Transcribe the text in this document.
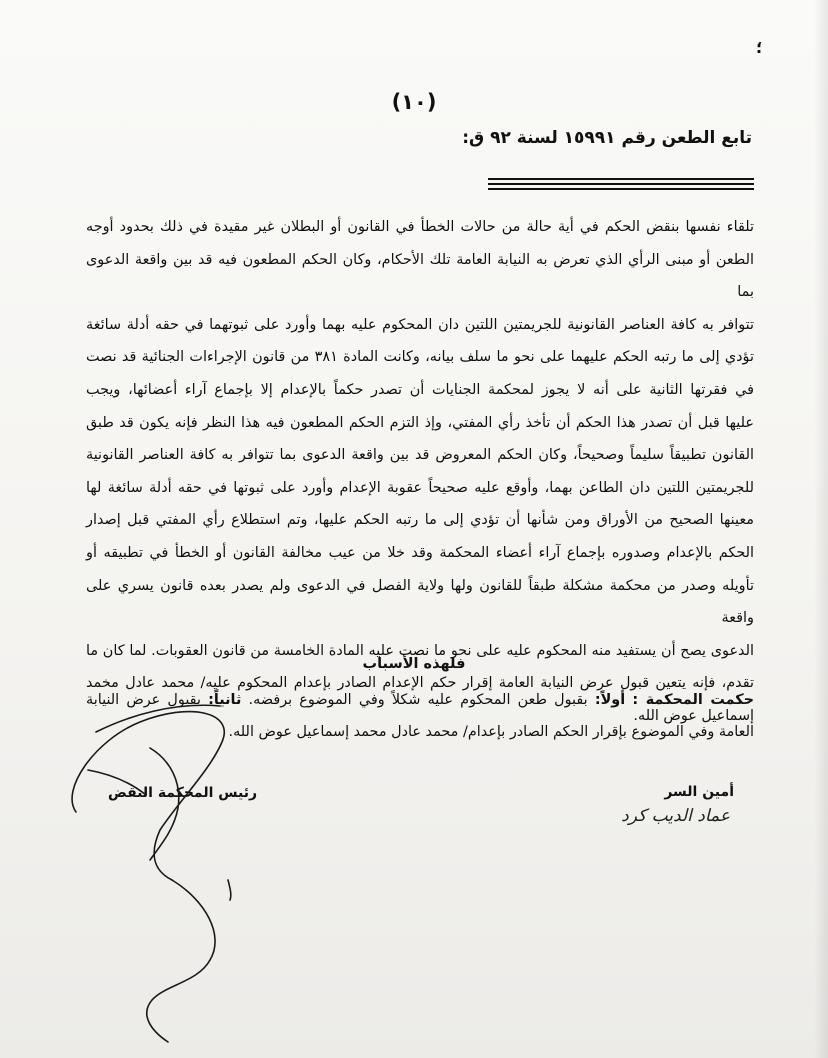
؛
(١٠)
تابع الطعن رقم ١٥٩٩١ لسنة ٩٢ ق:
تلقاء نفسها بنقض الحكم في أية حالة من حالات الخطأ في القانون أو البطلان غير مقيدة في ذلك بحدود أوجه
الطعن أو مبنى الرأي الذي تعرض به النيابة العامة تلك الأحكام، وكان الحكم المطعون فيه قد بين واقعة الدعوى بما
تتوافر به كافة العناصر القانونية للجريمتين اللتين دان المحكوم عليه بهما وأورد على ثبوتهما في حقه أدلة سائغة
تؤدي إلى ما رتبه الحكم عليهما على نحو ما سلف بيانه، وكانت المادة ٣٨١ من قانون الإجراءات الجنائية قد نصت
في فقرتها الثانية على أنه لا يجوز لمحكمة الجنايات أن تصدر حكماً بالإعدام إلا بإجماع آراء أعضائها، ويجب
عليها قبل أن تصدر هذا الحكم أن تأخذ رأي المفتي، وإذ التزم الحكم المطعون فيه هذا النظر فإنه يكون قد طبق
القانون تطبيقاً سليماً وصحيحاً، وكان الحكم المعروض قد بين واقعة الدعوى بما تتوافر به كافة العناصر القانونية
للجريمتين اللتين دان الطاعن بهما، وأوقع عليه صحيحاً عقوبة الإعدام وأورد على ثبوتها في حقه أدلة سائغة لها
معينها الصحيح من الأوراق ومن شأنها أن تؤدي إلى ما رتبه الحكم عليها، وتم استطلاع رأي المفتي قبل إصدار
الحكم بالإعدام وصدوره بإجماع آراء أعضاء المحكمة وقد خلا من عيب مخالفة القانون أو الخطأ في تطبيقه أو
تأويله وصدر من محكمة مشكلة طبقاً للقانون ولها ولاية الفصل في الدعوى ولم يصدر بعده قانون يسري على واقعة
الدعوى يصح أن يستفيد منه المحكوم عليه على نحو ما نصت عليه المادة الخامسة من قانون العقوبات. لما كان ما
تقدم، فإنه يتعين قبول عرض النيابة العامة إقرار حكم الإعدام الصادر بإعدام المحكوم عليه/ محمد عادل مخمد
إسماعيل عوض الله.
فلهذه الأسباب
حكمت المحكمة : أولاً: بقبول طعن المحكوم عليه شكلاً وفي الموضوع برفضه. ثانياً: بقبول عرض النيابة العامة وفي الموضوع بإقرار الحكم الصادر بإعدام/ محمد عادل محمد إسماعيل عوض الله.
رئيس المحكمة النقض	أمين السر
عماد الديب كرد
